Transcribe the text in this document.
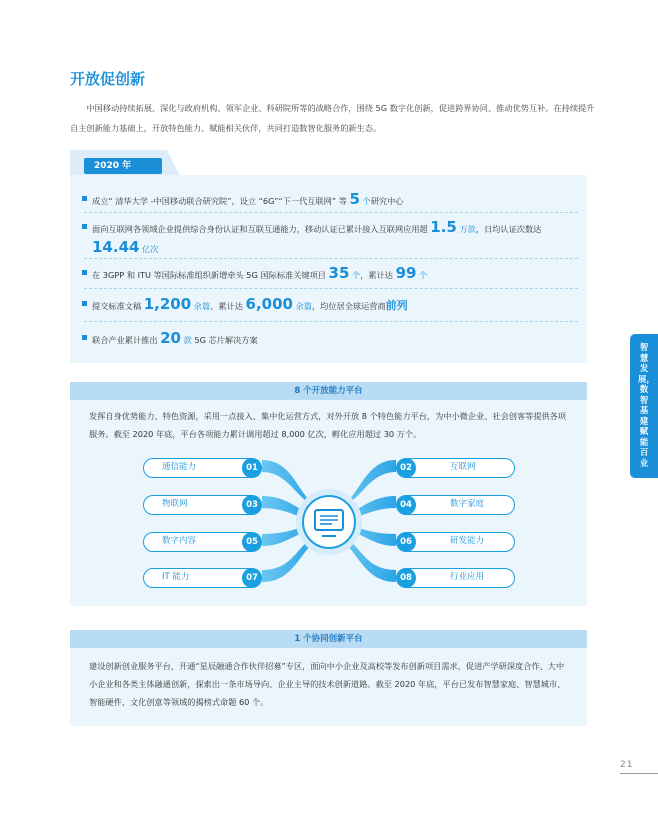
开放促创新

中国移动持续拓展、深化与政府机构、领军企业、科研院所等的战略合作，围绕 5G 数字化创新，促进跨界协同、推动优势互补。在持续提升自主创新能力基础上，开放特色能力、赋能相关伙伴，共同打造数智化服务的新生态。

2020 年
成立“ 清华大学 -中国移动联合研究院”，设立 “6G”“下一代互联网” 等 5 个研究中心
面向互联网各领域企业提供综合身份认证和互联互通能力，移动认证已累计接入互联网应用超 1.5 万款，日均认证次数达 14.44 亿次
在 3GPP 和 ITU 等国际标准组织新增牵头 5G 国际标准关键项目 35 个，累计达 99 个
提交标准文稿 1,200 余篇、累计达 6,000 余篇，均位居全球运营商前列
联合产业累计推出 20 款 5G 芯片解决方案
8 个开放能力平台
发挥自身优势能力、特色资源，采用一点接入、集中化运营方式，对外开放 8 个特色能力平台，为中小微企业、社会创客等提供各项服务。截至 2020 年底，平台各项能力累计调用超过 8,000 亿次，孵化应用超过 30 万个。
通信能力	01
物联网	03
数字内容	05
IT 能力	07
02	互联网
04	数字家庭
06	研发能力
08	行业应用
1 个协同创新平台
建设创新创业服务平台，开通“星辰融通合作伙伴招募”专区，面向中小企业及高校等发布创新项目需求，促进产学研深度合作、大中小企业和各类主体融通创新，探索出一条市场导向、企业主导的技术创新道路。截至 2020 年底，平台已发布智慧家庭、智慧城市、智能硬件、文化创意等领域的揭榜式命题 60 个。
智慧发展，数智基建赋能百业
21
